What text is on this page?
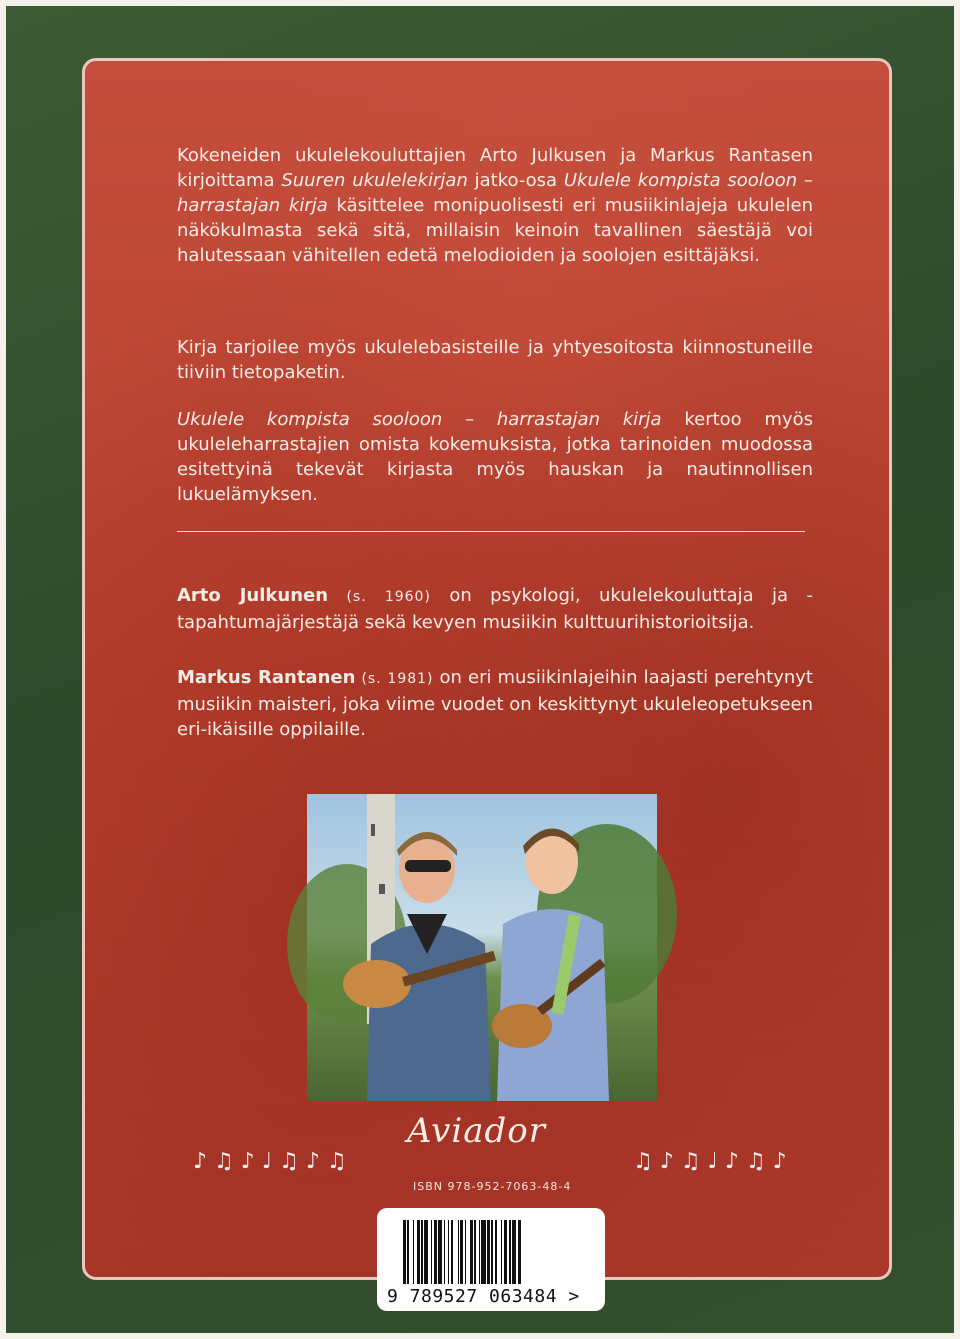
Kokeneiden ukulelekouluttajien Arto Julkusen ja Markus Rantasen kirjoittama Suuren ukulelekirjan jatko-osa Ukulele kompista sooloon – harrastajan kirja käsittelee monipuolisesti eri musiikinlajeja ukulelen näkökulmasta sekä sitä, millaisin keinoin tavallinen säestäjä voi halutessaan vähitellen edetä melodioiden ja soolojen esittäjäksi.

Kirja tarjoilee myös ukulelebasisteille ja yhtyesoitosta kiinnostuneille tiiviin tietopaketin.

Ukulele kompista sooloon – harrastajan kirja kertoo myös ukuleleharrastajien omista kokemuksista, jotka tarinoiden muodossa esitettyinä tekevät kirjasta myös hauskan ja nautinnollisen lukuelämyksen.

Arto Julkunen (s. 1960) on psykologi, ukulelekouluttaja ja -tapahtumajärjestäjä sekä kevyen musiikin kulttuurihistorioitsija.

Markus Rantanen (s. 1981) on eri musiikinlajeihin laajasti perehtynyt musiikin maisteri, joka viime vuodet on keskittynyt ukuleleopetukseen eri-ikäisille oppilaille.

Aviador
♪ ♫ ♪ ♩ ♫ ♪ ♫	♫ ♪ ♫ ♩ ♪ ♫ ♪
ISBN 978-952-7063-48-4
9 789527 063484 >
